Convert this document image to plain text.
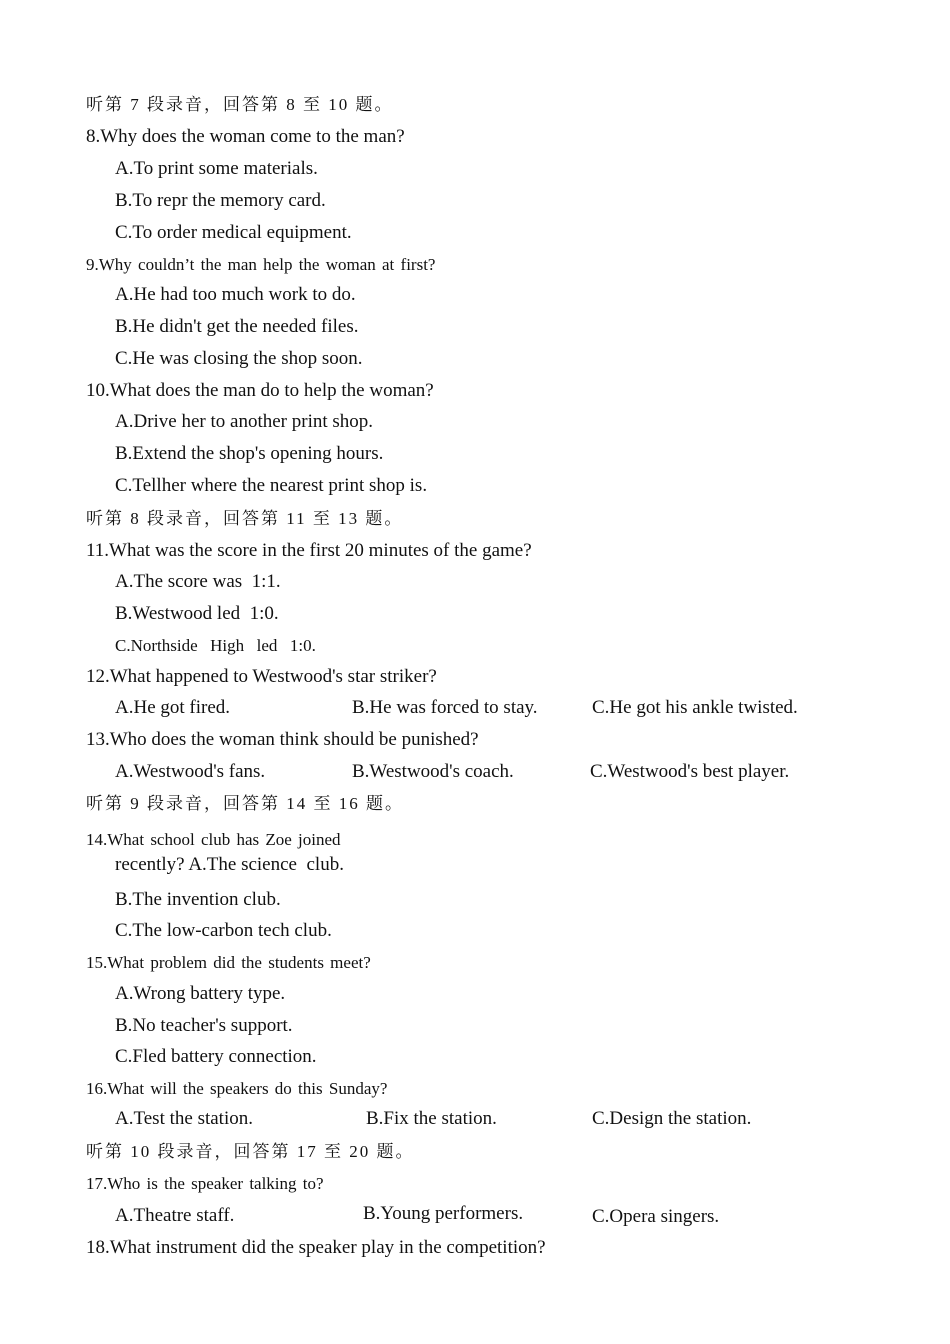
听第 7 段录音，回答第 8 至 10 题。
8.Why does the woman come to the man?
A.To print some materials.
B.To repr the memory card.
C.To order medical equipment.
9.Why couldn’t the man help the woman at first?
A.He had too much work to do.
B.He didn't get the needed files.
C.He was closing the shop soon.
10.What does the man do to help the woman?
A.Drive her to another print shop.
B.Extend the shop's opening hours.
C.Tellher where the nearest print shop is.
听第 8 段录音，回答第 11 至 13 题。
11.What was the score in the first 20 minutes of the game?
A.The score was  1:1.
B.Westwood led  1:0.
C.Northside  High  led  1:0.
12.What happened to Westwood's star striker?
A.He got fired.	B.He was forced to stay.	C.He got his ankle twisted.
13.Who does the woman think should be punished?
A.Westwood's fans.	B.Westwood's coach.	C.Westwood's best player.
听第 9 段录音，回答第 14 至 16 题。
14.What school club has Zoe joined
recently? A.The science  club.
B.The invention club.
C.The low-carbon tech club.
15.What problem did the students meet?
A.Wrong battery type.
B.No teacher's support.
C.Fled battery connection.
16.What will the speakers do this Sunday?
A.Test the station.	B.Fix the station.	C.Design the station.
听第 10 段录音，回答第 17 至 20 题。
17.Who is the speaker talking to?
A.Theatre staff.	B.Young performers.	C.Opera singers.
18.What instrument did the speaker play in the competition?
